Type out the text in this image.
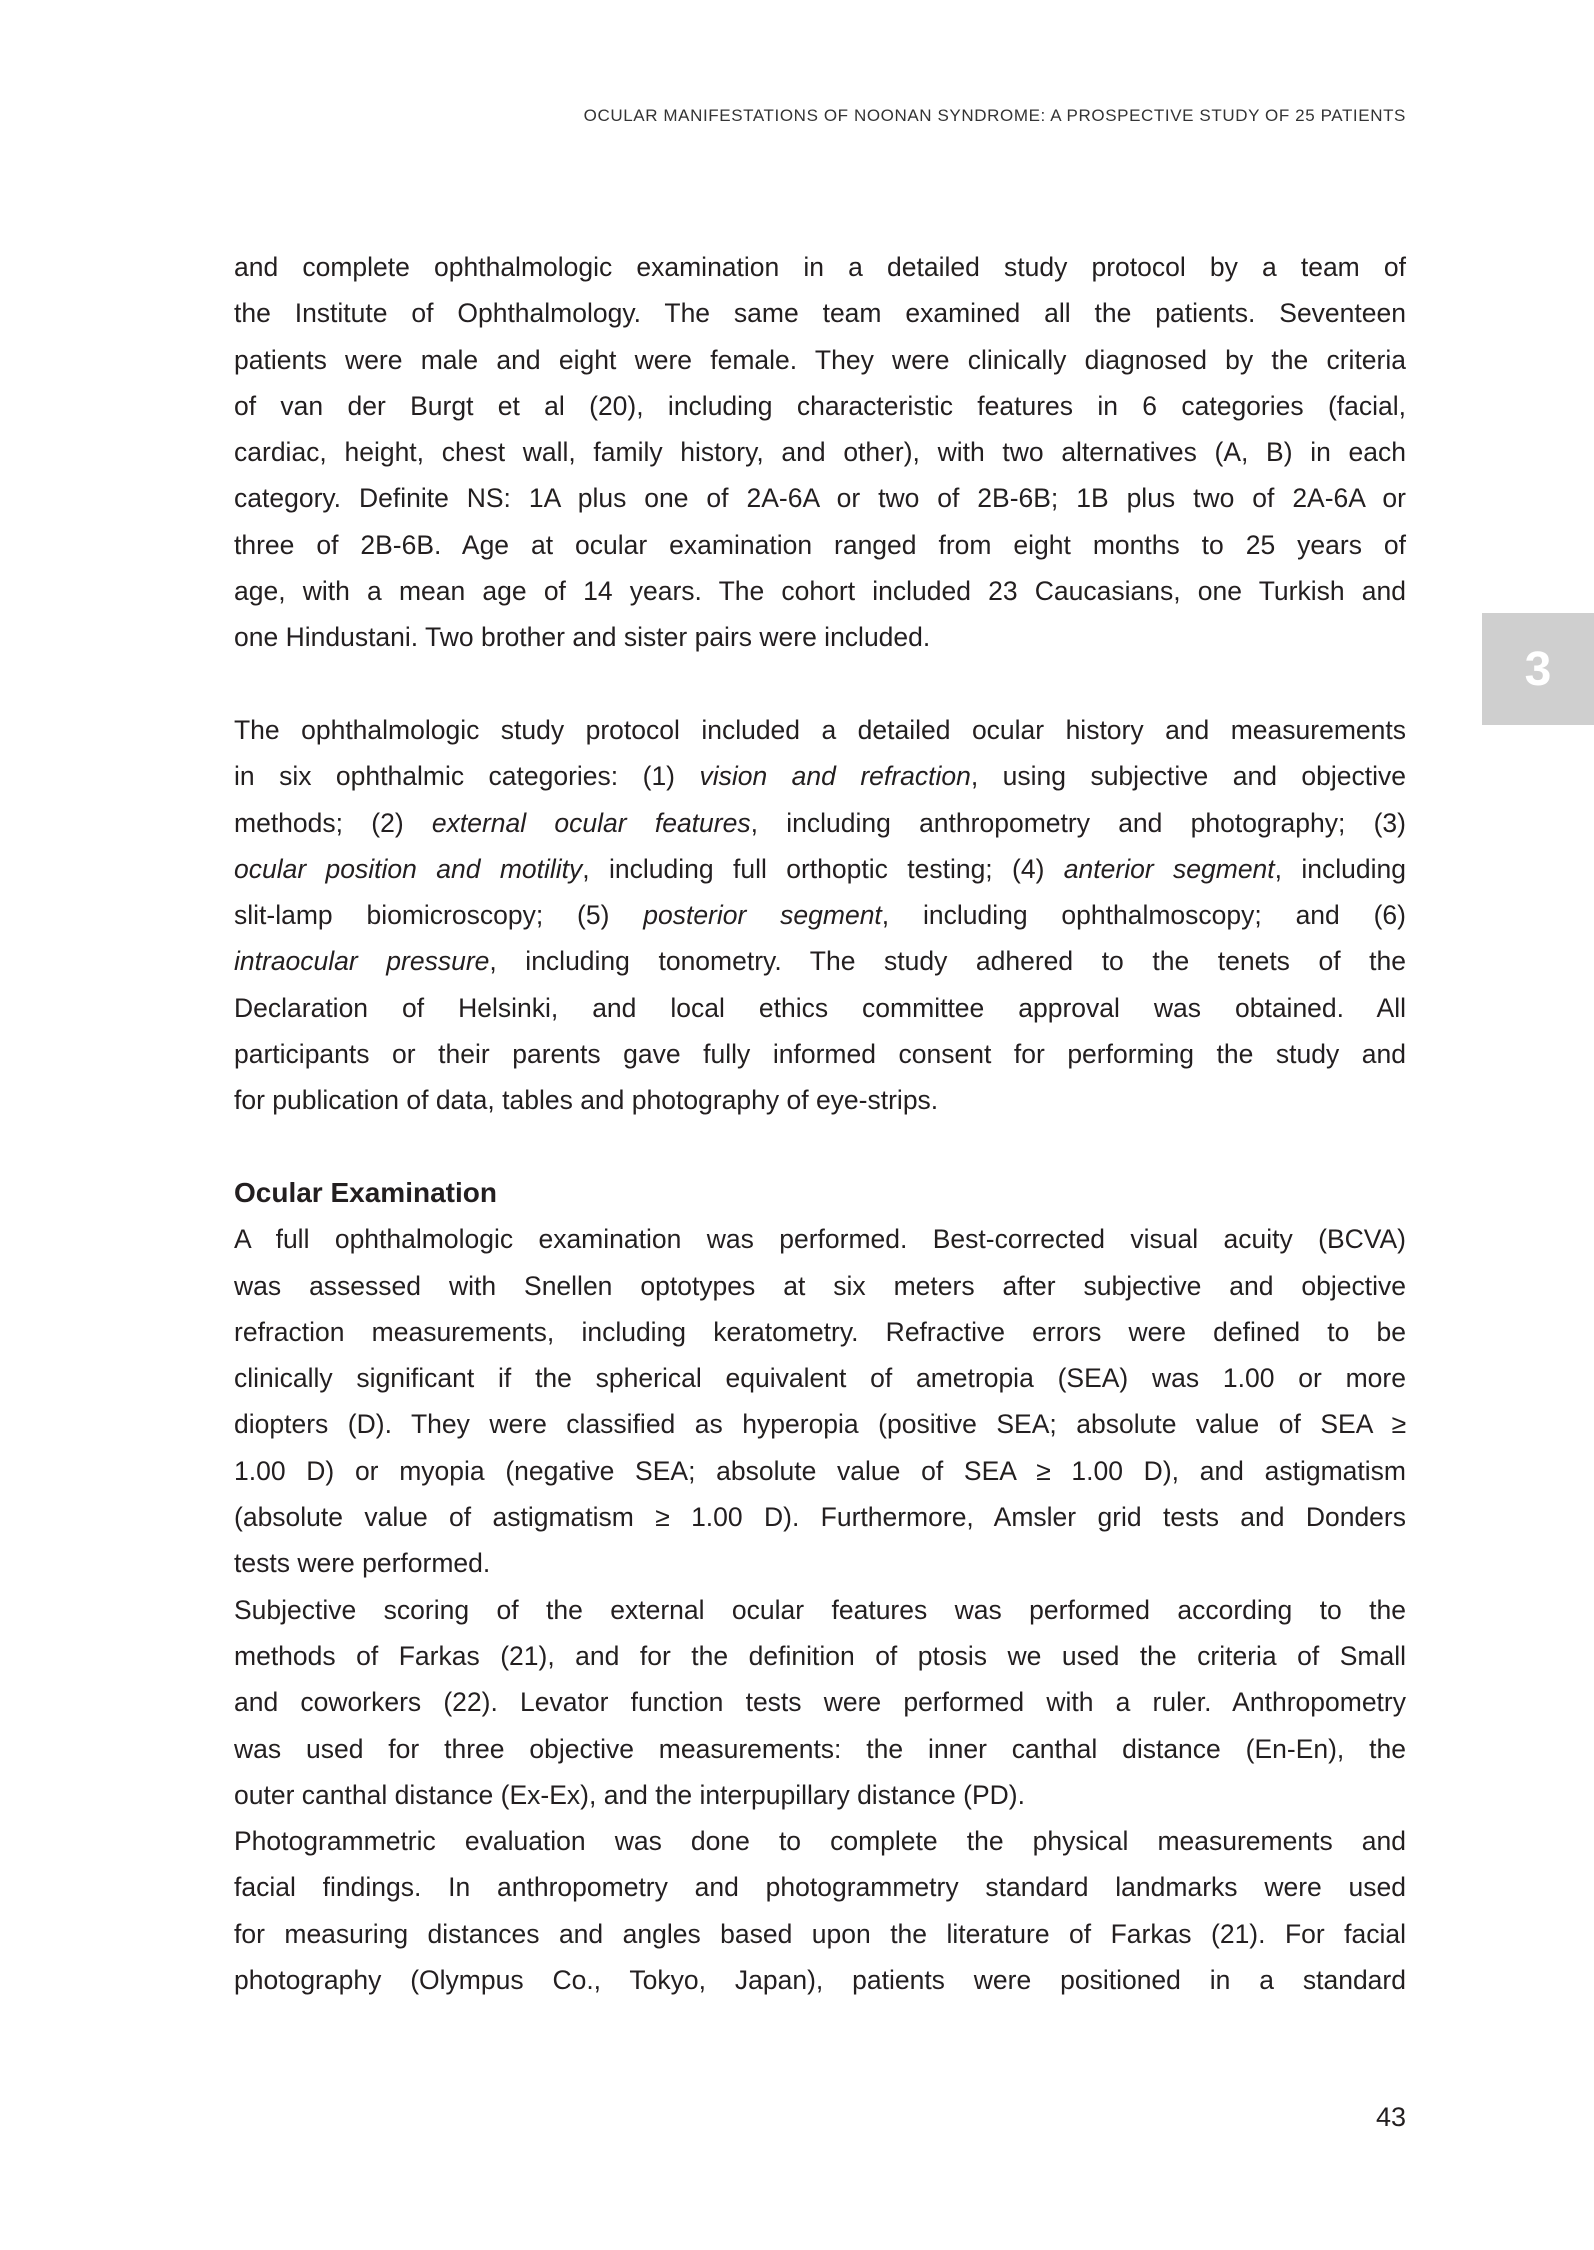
OCULAR MANIFESTATIONS OF NOONAN SYNDROME: A PROSPECTIVE STUDY OF 25 PATIENTS
3
and complete ophthalmologic examination in a detailed study protocol by a team of
the Institute of Ophthalmology. The same team examined all the patients. Seventeen
patients were male and eight were female. They were clinically diagnosed by the criteria
of van der Burgt et al (20), including characteristic features in 6 categories (facial,
cardiac, height, chest wall, family history, and other), with two alternatives (A, B) in each
category. Definite NS: 1A plus one of 2A-6A or two of 2B-6B; 1B plus two of 2A-6A or
three of 2B-6B. Age at ocular examination ranged from eight months to 25 years of
age, with a mean age of 14 years. The cohort included 23 Caucasians, one Turkish and
one Hindustani. Two brother and sister pairs were included.
The ophthalmologic study protocol included a detailed ocular history and measurements
in six ophthalmic categories: (1) vision and refraction, using subjective and objective
methods; (2) external ocular features, including anthropometry and photography; (3)
ocular position and motility, including full orthoptic testing; (4) anterior segment, including
slit-lamp biomicroscopy; (5) posterior segment, including ophthalmoscopy; and (6)
intraocular pressure, including tonometry. The study adhered to the tenets of the
Declaration of Helsinki, and local ethics committee approval was obtained. All
participants or their parents gave fully informed consent for performing the study and
for publication of data, tables and photography of eye-strips.
Ocular Examination
A full ophthalmologic examination was performed. Best-corrected visual acuity (BCVA)
was assessed with Snellen optotypes at six meters after subjective and objective
refraction measurements, including keratometry. Refractive errors were defined to be
clinically significant if the spherical equivalent of ametropia (SEA) was 1.00 or more
diopters (D). They were classified as hyperopia (positive SEA; absolute value of SEA ≥
1.00 D) or myopia (negative SEA; absolute value of SEA ≥ 1.00 D), and astigmatism
(absolute value of astigmatism ≥ 1.00 D). Furthermore, Amsler grid tests and Donders
tests were performed.
Subjective scoring of the external ocular features was performed according to the
methods of Farkas (21), and for the definition of ptosis we used the criteria of Small
and coworkers (22). Levator function tests were performed with a ruler. Anthropometry
was used for three objective measurements: the inner canthal distance (En-En), the
outer canthal distance (Ex-Ex), and the interpupillary distance (PD).
Photogrammetric evaluation was done to complete the physical measurements and
facial findings. In anthropometry and photogrammetry standard landmarks were used
for measuring distances and angles based upon the literature of Farkas (21). For facial
photography (Olympus Co., Tokyo, Japan), patients were positioned in a standard
43
